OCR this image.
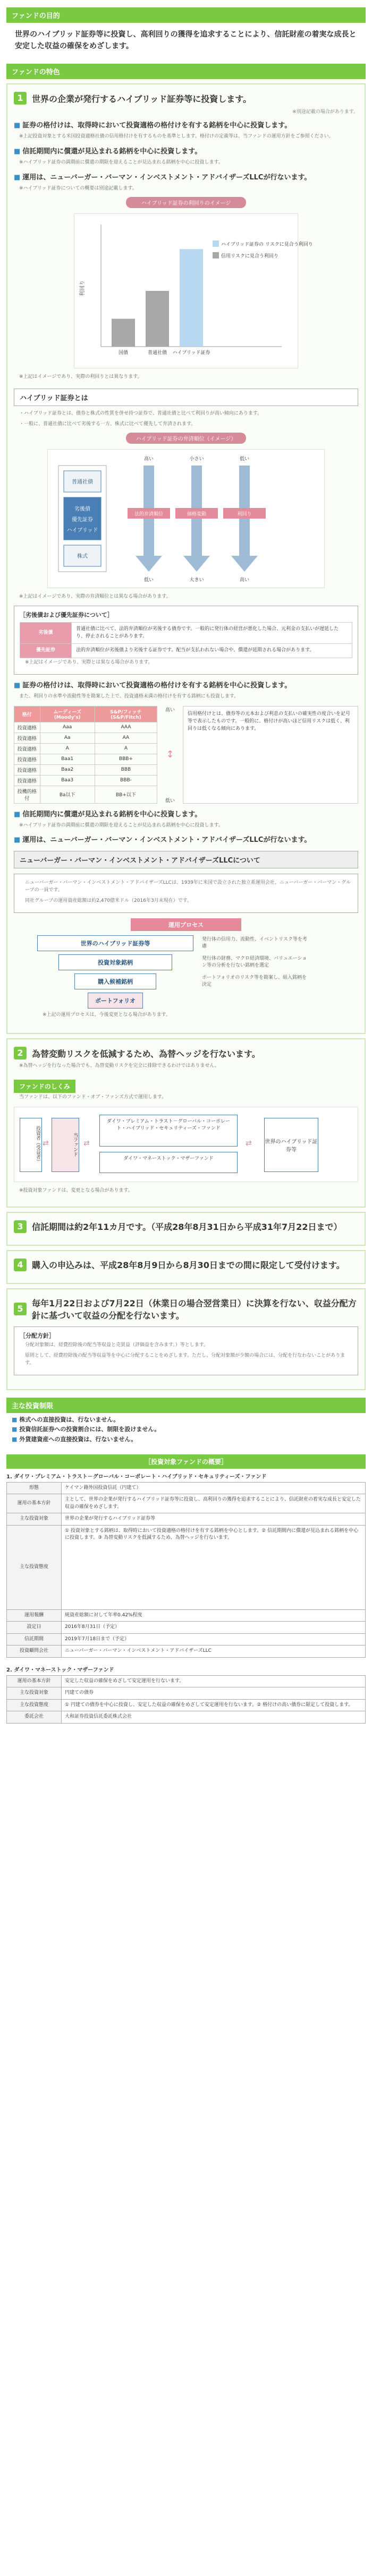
ファンドの目的
世界のハイブリッド証券等に投資し、高利回りの獲得を追求することにより、信託財産の着実な成長と安定した収益の確保をめざします。
ファンドの特色
1	世界の企業が発行するハイブリッド証券等に投資します。
※別途記載の場合があります。
■ 証券の格付けは、取得時において投資適格の格付けを有する銘柄を中心に投資します。
※上記投資対象とする米国投資適格社債の信用格付けを有するものを基準とします。格付けの定義等は、当ファンドの運用方針をご参照ください。
■ 信託期間内に償還が見込まれる銘柄を中心に投資します。
※ハイブリッド証券の満期前に償還の期限を迎えることが見込まれる銘柄を中心に投資します。
■ 運用は、ニューバーガー・バーマン・インベストメント・アドバイザーズLLCが行ないます。
※ハイブリッド証券についての概要は別途記載します。
ハイブリッド証券の利回りのイメージ
利回り
国債	普通社債 ハイブリッド証券
ハイブリッド証券の リスクに見合う利回り
信用リスクに見合う利回り
※上記はイメージであり、実際の利回りとは異なります。
ハイブリッド証券とは
・ハイブリッド証券とは、債券と株式の性質を併せ持つ証券で、普通社債と比べて利回りが高い傾向にあります。
・一般に、普通社債に比べて劣後する一方、株式に比べて優先して弁済されます。
ハイブリッド証券の弁済順位（イメージ）
普通社債
劣後債
優先証券
ハイブリッド
株式
高い
低い
小さい
大きい
低い
高い
法的弁済順位	価格変動	利回り
※上記はイメージであり、実際の弁済順位とは異なる場合があります。
［劣後債および優先証券について］
劣後債	普通社債に比べて、法的弁済順位が劣後する債券です。一般的に発行体の経営が悪化した場合、元利金の支払いが遅延したり、停止されることがあります。
優先証券	法的弁済順位が劣後債より劣後する証券です。配当が支払われない場合や、償還が延期される場合があります。
※上記はイメージであり、実際とは異なる場合があります。
■ 証券の格付けは、取得時において投資適格の格付けを有する銘柄を中心に投資します。
また、利回りの水準や流動性等を勘案した上で、投資適格未満の格付けを有する銘柄にも投資します。
格付	ムーディーズ(Moody's)	S&P/フィッチ(S&P/Fitch)
投資適格	Aaa	AAA
投資適格	Aa	AA
投資適格	A	A
投資適格	Baa1	BBB+
投資適格	Baa2	BBB
投資適格	Baa3	BBB-
投機的格付	Ba以下	BB+以下
高い
↕
低い
信用格付けとは、債券等の元本および利息の支払いの確実性の度合いを記号等で表示したものです。一般的に、格付けが高いほど信用リスクは低く、利回りは低くなる傾向にあります。
■ 信託期間内に償還が見込まれる銘柄を中心に投資します。
※ハイブリッド証券の満期前に償還の期限を迎えることが見込まれる銘柄を中心に投資します。
■ 運用は、ニューバーガー・バーマン・インベストメント・アドバイザーズLLCが行ないます。
ニューバーガー・バーマン・インベストメント・アドバイザーズLLCについて
ニューバーガー・バーマン・インベストメント・アドバイザーズLLCは、1939年に米国で設立された独立系運用会社、ニューバーガー・バーマン・グループの一員です。
同社グループの運用資産総額は約2,470億米ドル（2016年3月末現在）です。
運用プロセス
世界のハイブリッド証券等
発行体の信用力、流動性、イベントリスク等を考慮
投資対象銘柄
発行体の財務、マクロ経済環境、バリュエーション等の分析を行ない銘柄を選定
購入候補銘柄
ポートフォリオのリスク等を勘案し、組入銘柄を決定
ポートフォリオ
※上記の運用プロセスは、今後変更となる場合があります。
2	為替変動リスクを低減するため、為替ヘッジを行ないます。
※為替ヘッジを行なった場合でも、為替変動リスクを完全に排除できるわけではありません。
ファンドのしくみ
当ファンドは、以下のファンド・オブ・ファンズ方式で運用します。
投資者（受益者）	当ファンド
ダイワ・プレミアム・トラスト－グローバル・コーポレート・ハイブリッド・セキュリティーズ・ファンド
ダイワ・マネーストック・マザーファンド
世界のハイブリッド証券等
⇄	⇄	⇄
※投資対象ファンドは、変更となる場合があります。
3	信託期間は約2年11カ月です。（平成28年8月31日から平成31年7月22日まで）
4	購入の申込みは、平成28年8月9日から8月30日までの間に限定して受付けます。
5
毎年1月22日および7月22日（休業日の場合翌営業日）に決算を行ない、収益分配方針に基づいて収益の分配を行ないます。
［分配方針］
分配対象額は、経費控除後の配当等収益と売買益（評価益を含みます。）等とします。
原則として、経費控除後の配当等収益等を中心に分配することをめざします。ただし、分配対象額が少額の場合には、分配を行なわないことがあります。
主な投資制限
■ 株式への直接投資は、行ないません。
■ 投資信託証券への投資割合には、制限を設けません。
■ 外貨建資産への直接投資は、行ないません。
［投資対象ファンドの概要］
1. ダイワ・プレミアム・トラスト－グローバル・コーポレート・ハイブリッド・セキュリティーズ・ファンド
形態	ケイマン籍外国投資信託（円建て）
運用の基本方針	主として、世界の企業が発行するハイブリッド証券等に投資し、高利回りの獲得を追求することにより、信託財産の着実な成長と安定した収益の確保をめざします。
主な投資対象	世界の企業が発行するハイブリッド証券等
主な投資態度	① 投資対象とする銘柄は、取得時において投資適格の格付けを有する銘柄を中心とします。② 信託期間内に償還が見込まれる銘柄を中心に投資します。③ 為替変動リスクを低減するため、為替ヘッジを行ないます。
運用報酬	純資産総額に対して年率0.42%程度
設定日	2016年8月31日（予定）
信託期間	2019年7月18日まで（予定）
投資顧問会社	ニューバーガー・バーマン・インベストメント・アドバイザーズLLC
2. ダイワ・マネーストック・マザーファンド
運用の基本方針	安定した収益の確保をめざして安定運用を行ないます。
主な投資対象	円建ての債券
主な投資態度	① 円建ての債券を中心に投資し、安定した収益の確保をめざして安定運用を行ないます。② 格付けの高い債券に限定して投資します。
委託会社	大和証券投資信託委託株式会社
